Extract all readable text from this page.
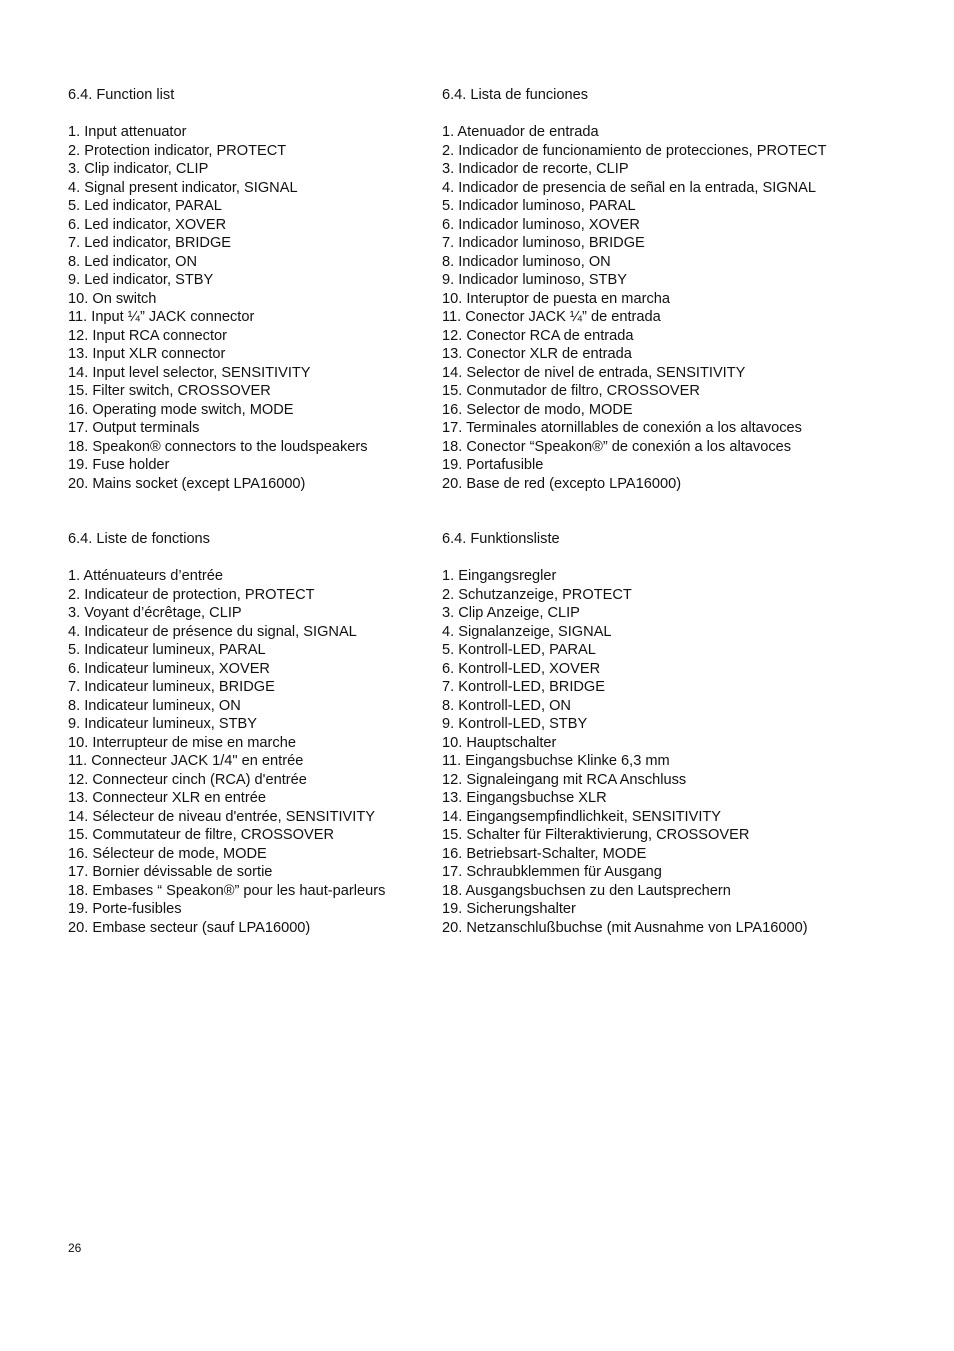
6.4. Function list
1. Input attenuator
2. Protection indicator, PROTECT
3. Clip indicator, CLIP
4. Signal present indicator, SIGNAL
5. Led indicator, PARAL
6. Led indicator, XOVER
7. Led indicator, BRIDGE
8. Led indicator, ON
9. Led indicator, STBY
10. On switch
11. Input ¼” JACK connector
12. Input RCA connector
13. Input XLR connector
14. Input level selector, SENSITIVITY
15. Filter switch, CROSSOVER
16. Operating mode switch, MODE
17. Output terminals
18. Speakon® connectors to the loudspeakers
19. Fuse holder
20. Mains socket (except LPA16000)
6.4. Lista de funciones
1. Atenuador de entrada
2. Indicador de funcionamiento de protecciones, PROTECT
3. Indicador de recorte, CLIP
4. Indicador de presencia de señal en la entrada, SIGNAL
5. Indicador luminoso, PARAL
6. Indicador luminoso, XOVER
7. Indicador luminoso, BRIDGE
8. Indicador luminoso, ON
9. Indicador luminoso, STBY
10. Interuptor de puesta en marcha
11. Conector JACK ¼” de entrada
12. Conector RCA de entrada
13. Conector XLR de entrada
14. Selector de nivel de entrada, SENSITIVITY
15. Conmutador de filtro, CROSSOVER
16. Selector de modo, MODE
17. Terminales atornillables de conexión a los altavoces
18. Conector “Speakon®” de conexión a los altavoces
19. Portafusible
20. Base de red (excepto LPA16000)
6.4. Liste de fonctions
1. Atténuateurs d’entrée
2. Indicateur de protection, PROTECT
3. Voyant d’écrêtage, CLIP
4. Indicateur de présence du signal, SIGNAL
5. Indicateur lumineux, PARAL
6. Indicateur lumineux, XOVER
7. Indicateur lumineux, BRIDGE
8. Indicateur lumineux, ON
9. Indicateur lumineux, STBY
10. Interrupteur de mise en marche
11. Connecteur JACK 1/4" en entrée
12. Connecteur cinch (RCA) d'entrée
13. Connecteur XLR en entrée
14. Sélecteur de niveau d'entrée, SENSITIVITY
15. Commutateur de filtre, CROSSOVER
16. Sélecteur de mode, MODE
17. Bornier dévissable de sortie
18. Embases “ Speakon®” pour les haut-parleurs
19. Porte-fusibles
20. Embase secteur (sauf LPA16000)
6.4. Funktionsliste
1. Eingangsregler
2. Schutzanzeige, PROTECT
3. Clip Anzeige, CLIP
4. Signalanzeige, SIGNAL
5. Kontroll-LED, PARAL
6. Kontroll-LED, XOVER
7. Kontroll-LED, BRIDGE
8. Kontroll-LED, ON
9. Kontroll-LED, STBY
10. Hauptschalter
11. Eingangsbuchse Klinke 6,3 mm
12. Signaleingang mit RCA Anschluss
13. Eingangsbuchse XLR
14. Eingangsempfindlichkeit, SENSITIVITY
15. Schalter für Filteraktivierung, CROSSOVER
16. Betriebsart-Schalter, MODE
17. Schraubklemmen für Ausgang
18. Ausgangsbuchsen zu den Lautsprechern
19. Sicherungshalter
20. Netzanschlußbuchse (mit Ausnahme von LPA16000)
26
